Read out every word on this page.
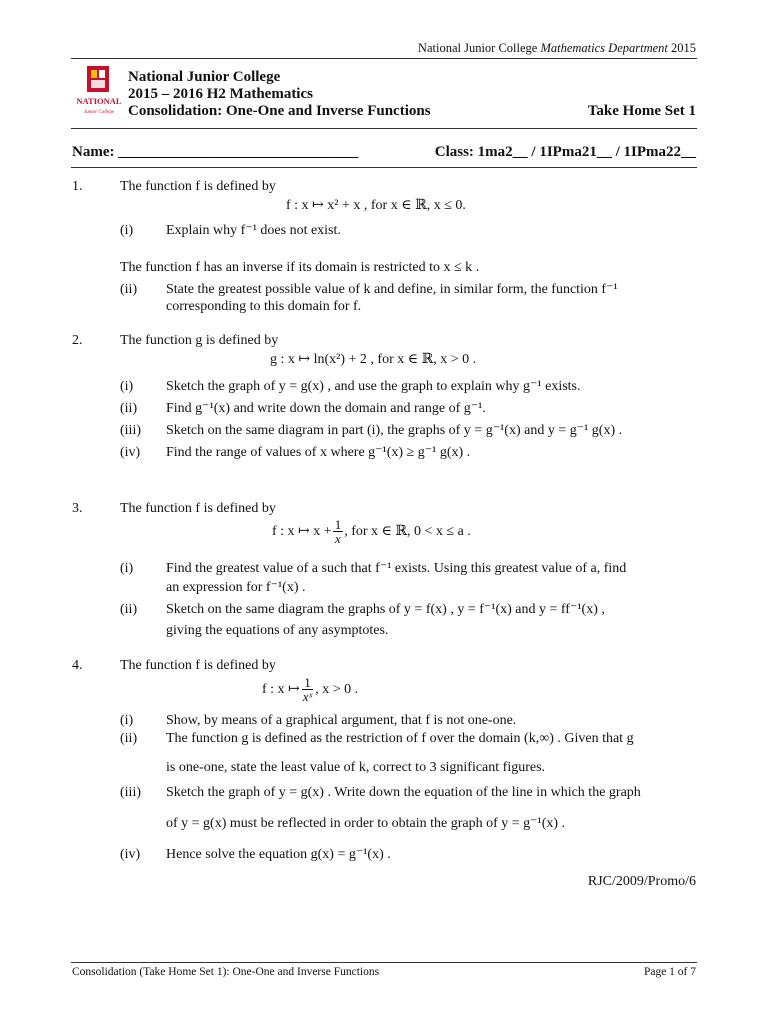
National Junior College Mathematics Department 2015
NATIONAL
Junior College
National Junior College
2015 – 2016 H2 Mathematics
Consolidation: One-One and Inverse Functions	Take Home Set 1
Name: ________________________________	Class: 1ma2__ / 1IPma21__ / 1IPma22__
1.	The function f is defined by
f : x ↦ x² + x , for x ∈ ℝ, x ≤ 0.
(i) Explain why f⁻¹ does not exist.
The function f has an inverse if its domain is restricted to x ≤ k .
(ii) State the greatest possible value of k and define, in similar form, the function f⁻¹
corresponding to this domain for f.
2.	The function g is defined by
g : x ↦ ln(x²) + 2 , for x ∈ ℝ, x > 0 .
(i) Sketch the graph of y = g(x) , and use the graph to explain why g⁻¹ exists.
(ii) Find g⁻¹(x) and write down the domain and range of g⁻¹.
(iii) Sketch on the same diagram in part (i), the graphs of y = g⁻¹(x) and y = g⁻¹ g(x) .
(iv) Find the range of values of x where g⁻¹(x) ≥ g⁻¹ g(x) .
3.	The function f is defined by
f : x ↦ $x + \frac{1}{x}$ , for x ∈ ℝ, 0 < x ≤ a .
(i) Find the greatest value of a such that f⁻¹ exists. Using this greatest value of a, find
an expression for f⁻¹(x) .
(ii) Sketch on the same diagram the graphs of y = f(x) , y = f⁻¹(x) and y = ff⁻¹(x) ,
giving the equations of any asymptotes.
4.	The function f is defined by
f : x ↦ $\frac{1}{\text{xˣ}}$ , x > 0 .
(i) Show, by means of a graphical argument, that f is not one-one.
(ii) The function g is defined as the restriction of f over the domain (k,∞) . Given that g
is one-one, state the least value of k, correct to 3 significant figures.
(iii) Sketch the graph of y = g(x) . Write down the equation of the line in which the graph
of y = g(x) must be reflected in order to obtain the graph of y = g⁻¹(x) .
(iv) Hence solve the equation g(x) = g⁻¹(x) .
RJC/2009/Promo/6
Consolidation (Take Home Set 1): One-One and Inverse Functions	Page 1 of 7
